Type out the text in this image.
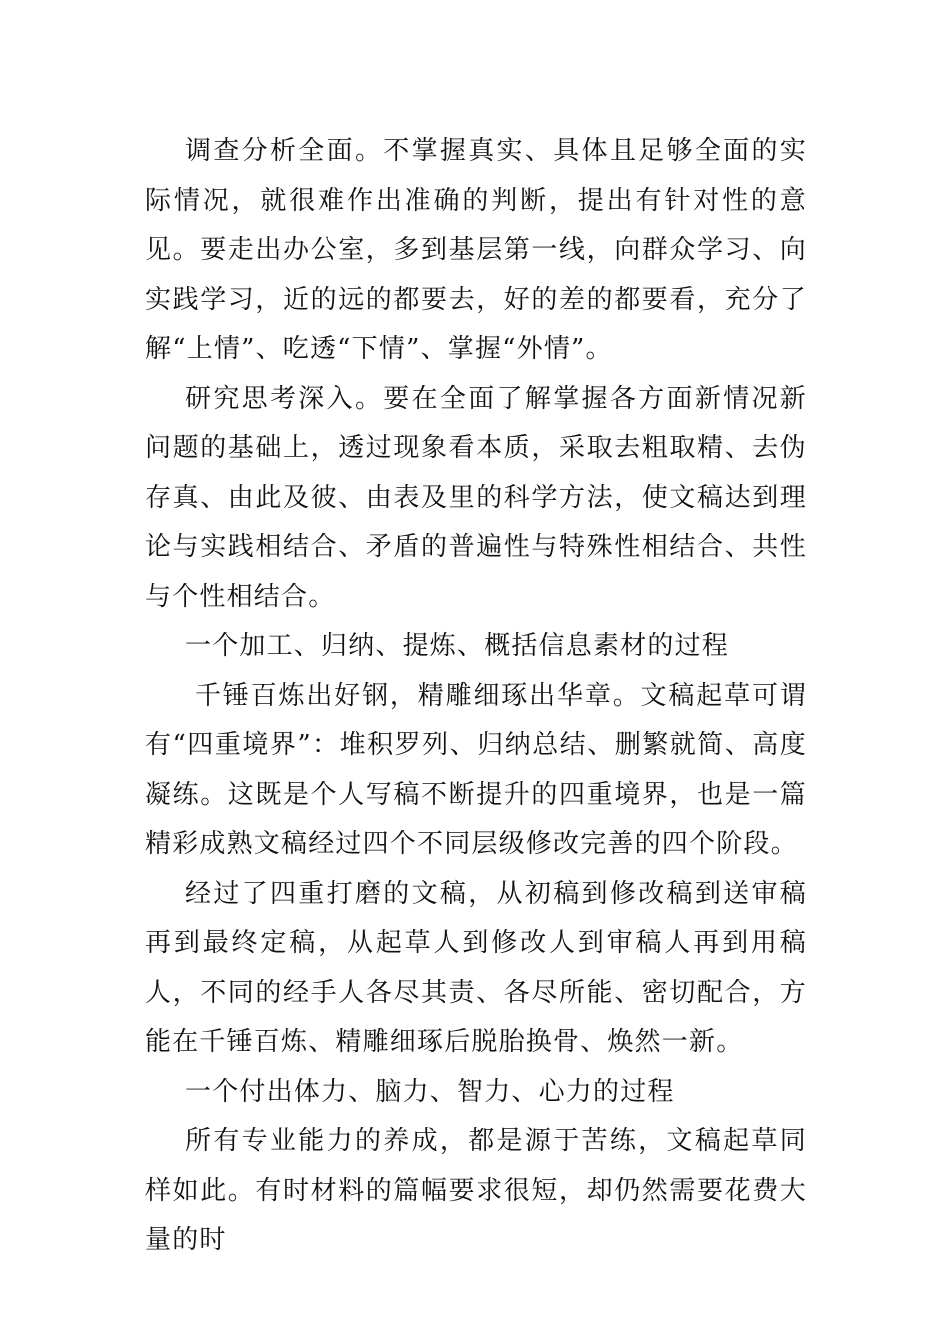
调查分析全面。不掌握真实、具体且足够全面的实际情况，就很难作出准确的判断，提出有针对性的意见。要走出办公室，多到基层第一线，向群众学习、向实践学习，近的远的都要去，好的差的都要看，充分了解“上情”、吃透“下情”、掌握“外情”。

研究思考深入。要在全面了解掌握各方面新情况新问题的基础上，透过现象看本质，采取去粗取精、去伪存真、由此及彼、由表及里的科学方法，使文稿达到理论与实践相结合、矛盾的普遍性与特殊性相结合、共性与个性相结合。

一个加工、归纳、提炼、概括信息素材的过程

千锤百炼出好钢，精雕细琢出华章。文稿起草可谓有“四重境界”：堆积罗列、归纳总结、删繁就简、高度凝练。这既是个人写稿不断提升的四重境界，也是一篇精彩成熟文稿经过四个不同层级修改完善的四个阶段。

经过了四重打磨的文稿，从初稿到修改稿到送审稿再到最终定稿，从起草人到修改人到审稿人再到用稿人，不同的经手人各尽其责、各尽所能、密切配合，方能在千锤百炼、精雕细琢后脱胎换骨、焕然一新。

一个付出体力、脑力、智力、心力的过程

所有专业能力的养成，都是源于苦练，文稿起草同样如此。有时材料的篇幅要求很短，却仍然需要花费大量的时
